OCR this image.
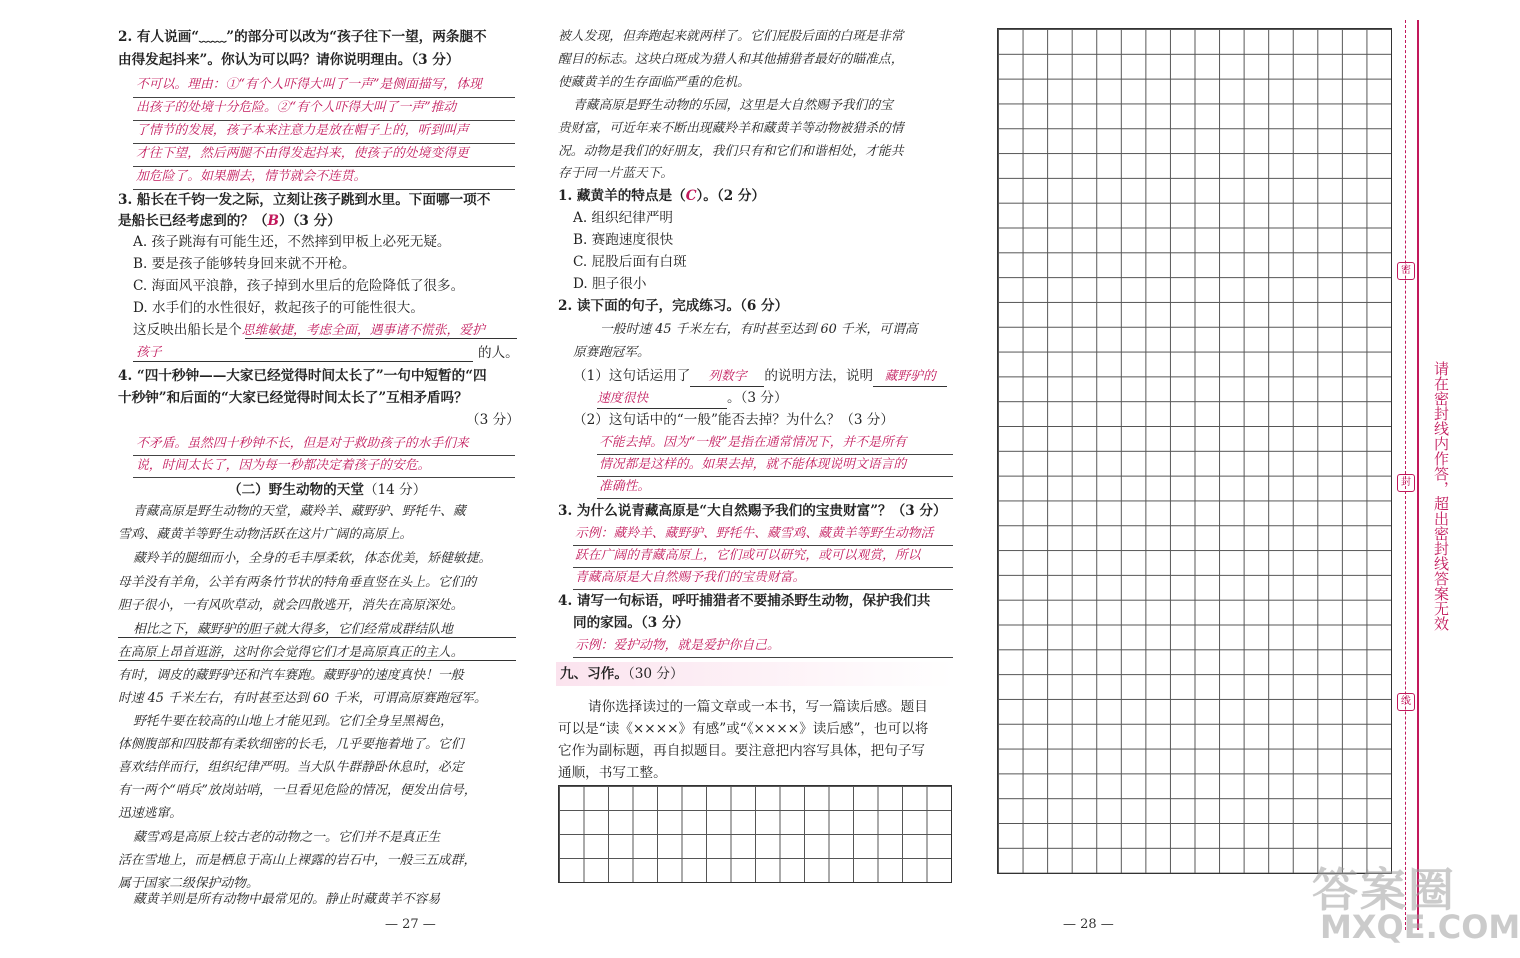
2. 有人说画“﹏﹏”的部分可以改为“孩子往下一望，两条腿不
由得发起抖来”。你认为可以吗？请你说明理由。（3 分）
不可以。理由：①“有个人吓得大叫了一声”是侧面描写，体现
出孩子的处境十分危险。②“有个人吓得大叫了一声”推动
了情节的发展，孩子本来注意力是放在帽子上的，听到叫声
才往下望，然后两腿不由得发起抖来，使孩子的处境变得更
加危险了。如果删去，情节就会不连贯。
3. 船长在千钧一发之际，立刻让孩子跳到水里。下面哪一项不
是船长已经考虑到的？（B）（3 分）
A. 孩子跳海有可能生还，不然摔到甲板上必死无疑。
B. 要是孩子能够转身回来就不开枪。
C. 海面风平浪静，孩子掉到水里后的危险降低了很多。
D. 水手们的水性很好，救起孩子的可能性很大。
这反映出船长是个思维敏捷，考虑全面，遇事诸不慌张，爱护
孩子	的人。
4. “四十秒钟——大家已经觉得时间太长了”一句中短暂的“四
十秒钟”和后面的“大家已经觉得时间太长了”互相矛盾吗？
（3 分）
不矛盾。虽然四十秒钟不长，但是对于救助孩子的水手们来
说，时间太长了，因为每一秒都决定着孩子的安危。
（二）野生动物的天堂（14 分）
青藏高原是野生动物的天堂，藏羚羊、藏野驴、野牦牛、藏
雪鸡、藏黄羊等野生动物活跃在这片广阔的高原上。
藏羚羊的腿细而小，全身的毛丰厚柔软，体态优美，矫健敏捷。
母羊没有羊角，公羊有两条竹节状的特角垂直竖在头上。它们的
胆子很小，一有风吹草动，就会四散逃开，消失在高原深处。
相比之下，藏野驴的胆子就大得多，它们经常成群结队地
在高原上昂首逛游，这时你会觉得它们才是高原真正的主人。
有时，调皮的藏野驴还和汽车赛跑。藏野驴的速度真快！一般
时速 45 千米左右，有时甚至达到 60 千米，可谓高原赛跑冠军。
野牦牛要在较高的山地上才能见到。它们全身呈黑褐色，
体侧腹部和四肢都有柔软细密的长毛，几乎要拖着地了。它们
喜欢结伴而行，组织纪律严明。当大队牛群静卧休息时，必定
有一两个“哨兵”放岗站哨，一旦看见危险的情况，便发出信号，
迅速逃窜。
藏雪鸡是高原上较古老的动物之一。它们并不是真正生
活在雪地上，而是栖息于高山上裸露的岩石中，一般三五成群，
属于国家二级保护动物。
藏黄羊则是所有动物中最常见的。静止时藏黄羊不容易
— 27 —
被人发现，但奔跑起来就两样了。它们屁股后面的白斑是非常
醒目的标志。这块白斑成为猎人和其他捕猎者最好的瞄准点，
使藏黄羊的生存面临严重的危机。
青藏高原是野生动物的乐园，这里是大自然赐予我们的宝
贵财富，可近年来不断出现藏羚羊和藏黄羊等动物被猎杀的情
况。动物是我们的好朋友，我们只有和它们和谐相处，才能共
存于同一片蓝天下。
1. 藏黄羊的特点是（C）。（2 分）
A. 组织纪律严明
B. 赛跑速度很快
C. 屁股后面有白斑
D. 胆子很小
2. 读下面的句子，完成练习。（6 分）
一般时速 45 千米左右，有时甚至达到 60 千米，可谓高
原赛跑冠军。
（1）这句话运用了 列数字 的说明方法，说明 藏野驴的
速度很快	。（3 分）
（2）这句话中的“一般”能否去掉？为什么？（3 分）
不能去掉。因为“一般”是指在通常情况下，并不是所有
情况都是这样的。如果去掉，就不能体现说明文语言的
准确性。
3. 为什么说青藏高原是“大自然赐予我们的宝贵财富”？（3 分）
示例：藏羚羊、藏野驴、野牦牛、藏雪鸡、藏黄羊等野生动物活
跃在广阔的青藏高原上，它们或可以研究，或可以观赏，所以
青藏高原是大自然赐予我们的宝贵财富。
4. 请写一句标语，呼吁捕猎者不要捕杀野生动物，保护我们共
同的家园。（3 分）
示例：爱护动物，就是爱护你自己。
九、习作。（30 分）
请你选择读过的一篇文章或一本书，写一篇读后感。题目
可以是“读《××××》有感”或“《××××》读后感”，也可以将
它作为副标题，再自拟题目。要注意把内容写具体，把句子写
通顺，书写工整。
— 28 —
密
封
线
请在密封线内作答，超出密封线答案无效
答案圈
MXQE.COM
